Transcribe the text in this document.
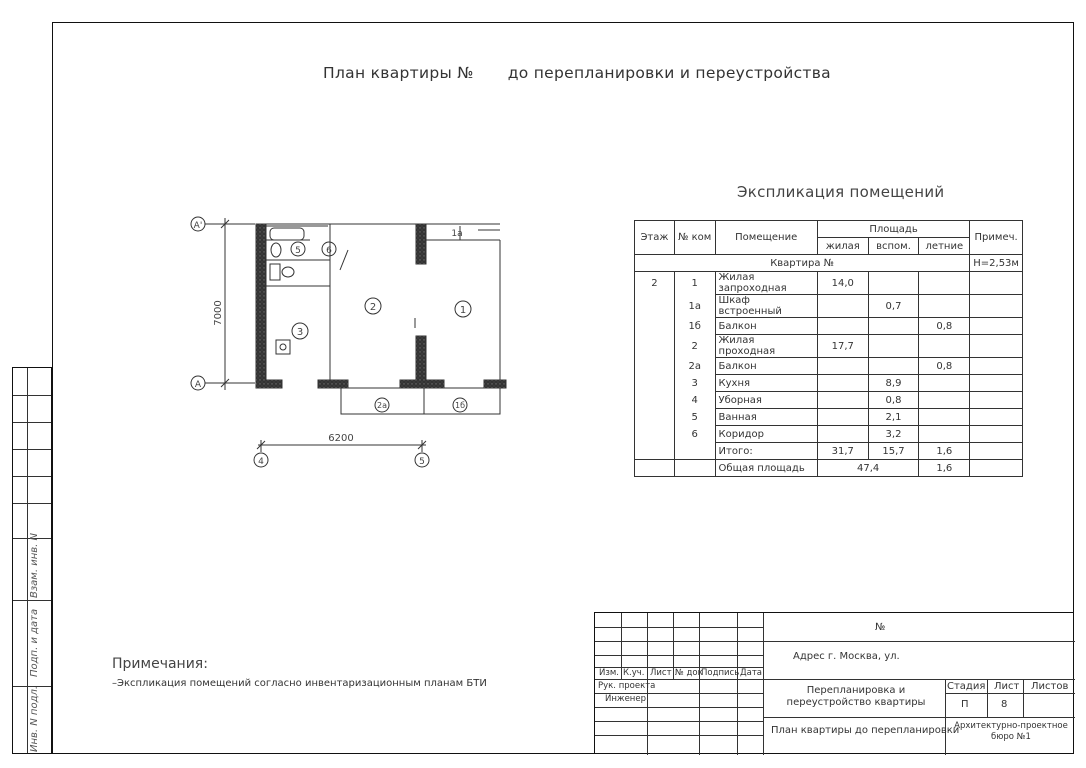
Взам. инв. N
Подп. и дата
Инв. N подл.
План квартиры № до перепланировки и переустройства
А'
А
7000	1
2
3
5	6
1а
2а	1б
6200
4	5
Экспликация помещений
Этаж	№ ком	Помещение	Площадь			Примеч.
			жилая	вспом.	летние	
Квартира №						H=2,53м
2	1	Жилая запроходная	14,0			
	1а	Шкаф встроенный		0,7		
	1б	Балкон			0,8	
	2	Жилая проходная	17,7			
	2а	Балкон			0,8	
	3	Кухня		8,9		
	4	Уборная		0,8		
	5	Ванная		2,1		
	6	Коридор		3,2		
		Итого:	31,7	15,7	1,6	
		Общая площадь	47,4		1,6	
Примечания:
–Экспликация помещений согласно инвентаризационным планам БТИ
Изм. К.уч. Лист № док
Подпись Дата
Рук. проекта
Инженер
№
Адрес г. Москва, ул.
Перепланировка и переустройство квартиры
План квартиры до перепланировки
Стадия Лист Листов
П	8
Архитектурно-проектное бюро №1
